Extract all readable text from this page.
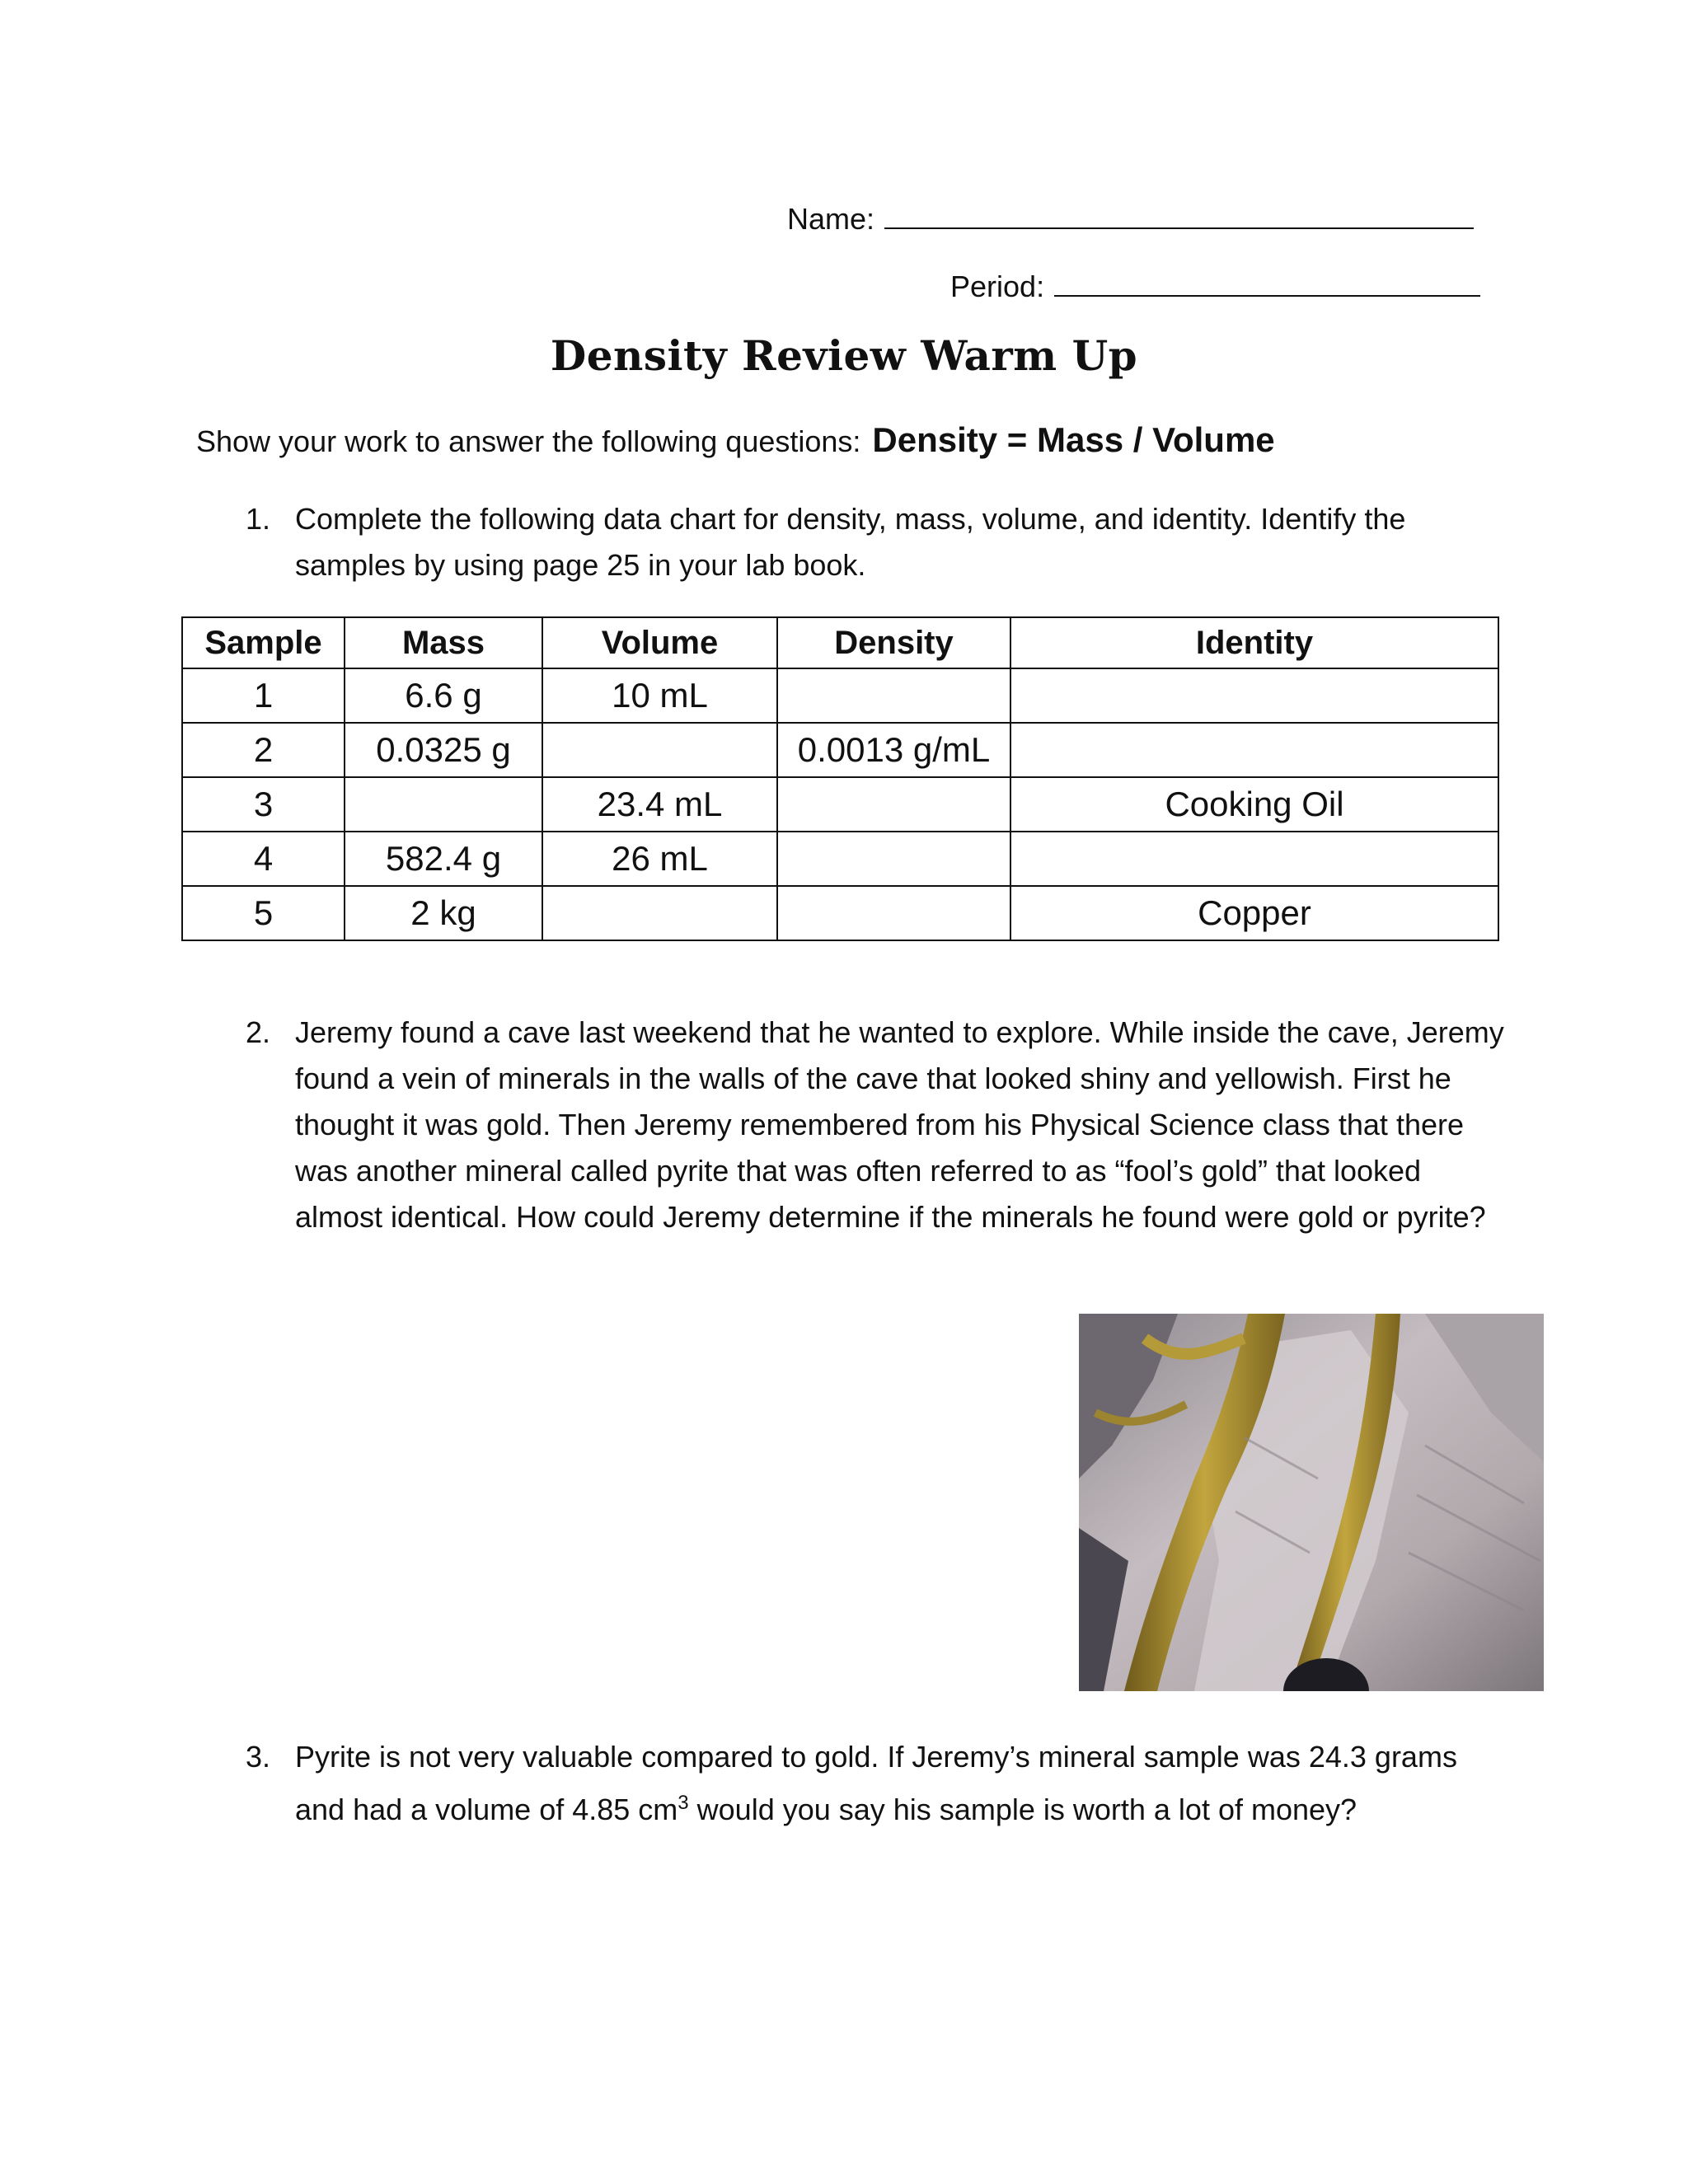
Name:
Period:
Density Review Warm Up
Show your work to answer the following questions: Density = Mass / Volume
1. Complete the following data chart for density, mass, volume, and identity. Identify the samples by using page 25 in your lab book.
Sample	Mass	Volume	Density	Identity
1	6.6 g	10 mL		
2	0.0325 g		0.0013 g/mL	
3		23.4 mL		Cooking Oil
4	582.4 g	26 mL		
5	2 kg			Copper
2. Jeremy found a cave last weekend that he wanted to explore. While inside the cave, Jeremy found a vein of minerals in the walls of the cave that looked shiny and yellowish. First he thought it was gold. Then Jeremy remembered from his Physical Science class that there was another mineral called pyrite that was often referred to as “fool’s gold” that looked almost identical. How could Jeremy determine if the minerals he found were gold or pyrite?
3. Pyrite is not very valuable compared to gold. If Jeremy’s mineral sample was 24.3 grams and had a volume of 4.85 $cm^3$ would you say his sample is worth a lot of money?
